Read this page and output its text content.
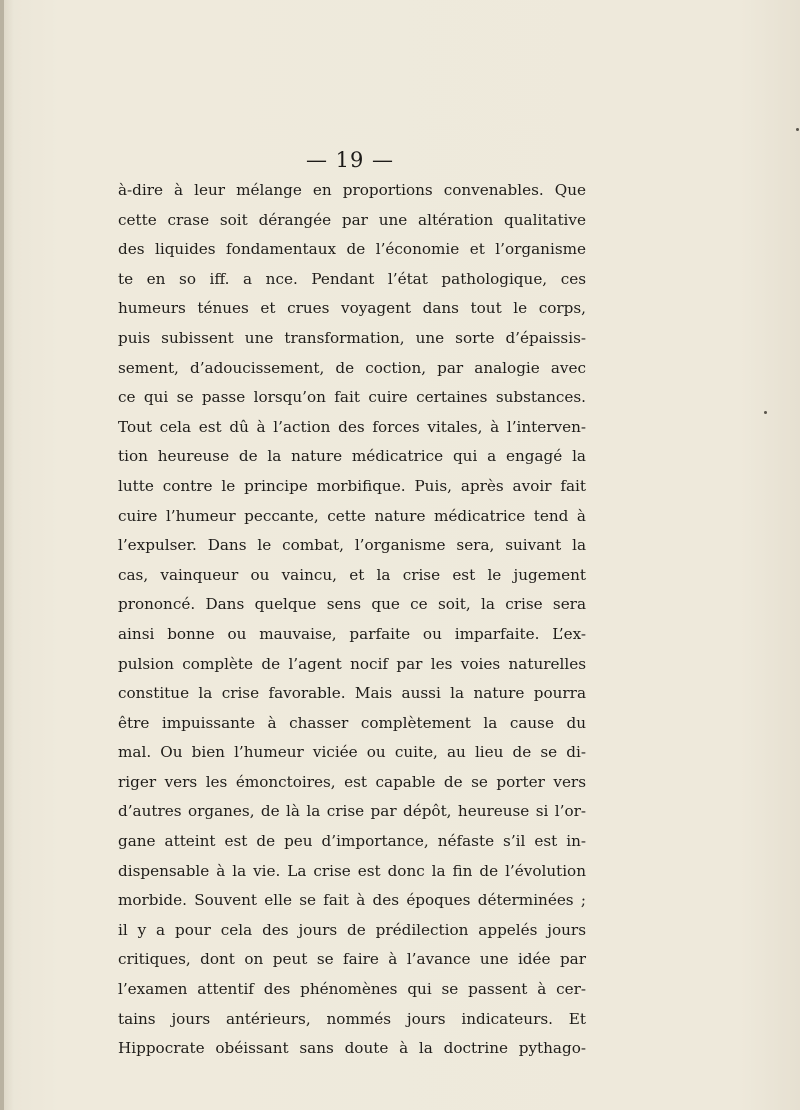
— 19 —
à-dire à leur mélange en proportions convenables. Que
cette crase soit dérangée par une altération qualitative
des liquides fondamentaux de l’économie et l’organisme
te en so iff. a nce. Pendant l’état pathologique, ces
humeurs ténues et crues voyagent dans tout le corps,
puis subissent une transformation, une sorte d’épaissis-
sement, d’adoucissement, de coction, par analogie avec
ce qui se passe lorsqu’on fait cuire certaines substances.
Tout cela est dû à l’action des forces vitales, à l’interven-
tion heureuse de la nature médicatrice qui a engagé la
lutte contre le principe morbifique. Puis, après avoir fait
cuire l’humeur peccante, cette nature médicatrice tend à
l’expulser. Dans le combat, l’organisme sera, suivant la
cas, vainqueur ou vaincu, et la crise est le jugement
prononcé. Dans quelque sens que ce soit, la crise sera
ainsi bonne ou mauvaise, parfaite ou imparfaite. L’ex-
pulsion complète de l’agent nocif par les voies naturelles
constitue la crise favorable. Mais aussi la nature pourra
être impuissante à chasser complètement la cause du
mal. Ou bien l’humeur viciée ou cuite, au lieu de se di-
riger vers les émonctoires, est capable de se porter vers
d’autres organes, de là la crise par dépôt, heureuse si l’or-
gane atteint est de peu d’importance, néfaste s’il est in-
dispensable à la vie. La crise est donc la fin de l’évolution
morbide. Souvent elle se fait à des époques déterminées ;
il y a pour cela des jours de prédilection appelés jours
critiques, dont on peut se faire à l’avance une idée par
l’examen attentif des phénomènes qui se passent à cer-
tains jours antérieurs, nommés jours indicateurs. Et
Hippocrate obéissant sans doute à la doctrine pythago-
